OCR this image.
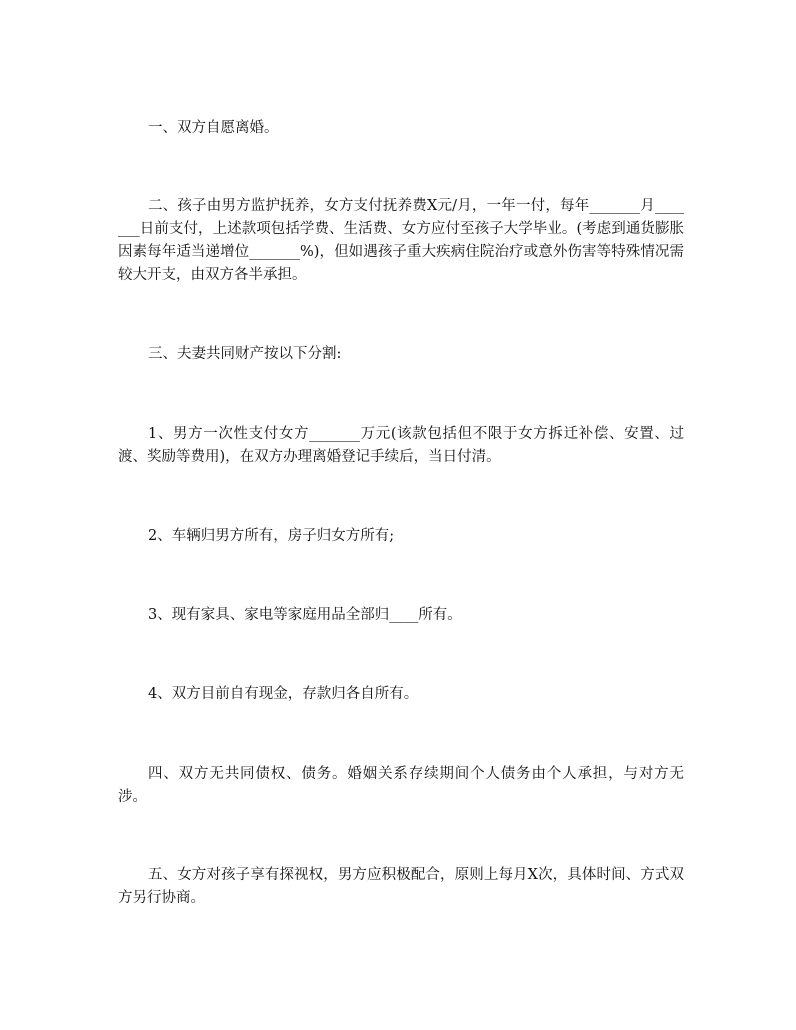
一、双方自愿离婚。

二、孩子由男方监护抚养，女方支付抚养费X元/月，一年一付，每年_______月_______日前支付，上述款项包括学费、生活费、女方应付至孩子大学毕业。(考虑到通货膨胀因素每年适当递增位_______%)，但如遇孩子重大疾病住院治疗或意外伤害等特殊情况需较大开支，由双方各半承担。

三、夫妻共同财产按以下分割:

1、男方一次性支付女方_______万元(该款包括但不限于女方拆迁补偿、安置、过渡、奖励等费用)，在双方办理离婚登记手续后，当日付清。

2、车辆归男方所有，房子归女方所有;

3、现有家具、家电等家庭用品全部归____所有。

4、双方目前自有现金，存款归各自所有。

四、双方无共同债权、债务。婚姻关系存续期间个人债务由个人承担，与对方无涉。

五、女方对孩子享有探视权，男方应积极配合，原则上每月X次，具体时间、方式双方另行协商。
